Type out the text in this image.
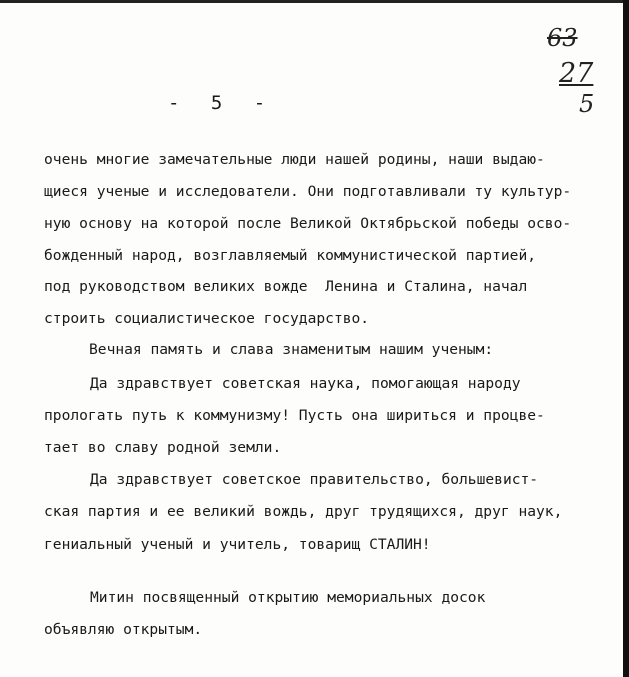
- 5 -
63
27
5
очень многие замечательные люди нашей родины, наши выдаю-
щиеся ученые и исследователи. Они подготавливали ту культур-
ную основу на которой после Великой Октябрьской победы осво-
божденный народ, возглавляемый коммунистической партией,
под руководством великих вожде  Ленина и Сталина, начал
строить социалистическое государство.
Вечная память и слава знаменитым нашим ученым:
Да здравствует советская наука, помогающая народу
прологать путь к коммунизму! Пусть она шириться и процве-
тает во славу родной земли.
Да здравствует советское правительство, большевист-
ская партия и ее великий вождь, друг трудящихся, друг наук,
гениальный ученый и учитель, товарищ СТАЛИН!
Митин посвященный открытию мемориальных досок
объявляю открытым.
